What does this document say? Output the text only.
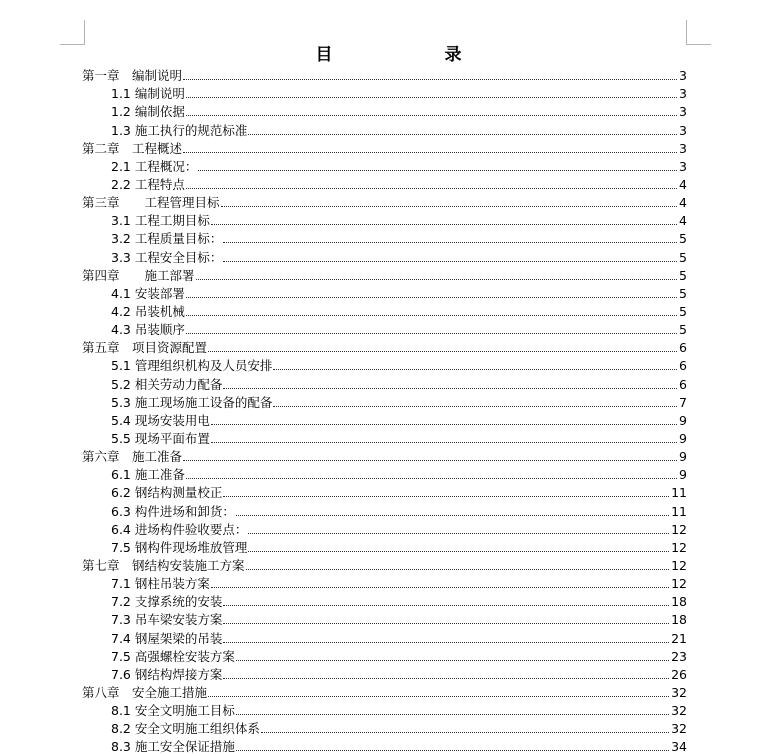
目　　录
第一章　编制说明	3
1.1 编制说明	3
1.2 编制依据	3
1.3 施工执行的规范标准	3
第二章　工程概述	3
2.1 工程概况：	3
2.2 工程特点	4
第三章　　工程管理目标	4
3.1 工程工期目标	4
3.2 工程质量目标：	5
3.3 工程安全目标：	5
第四章　　施工部署	5
4.1 安装部署	5
4.2 吊装机械	5
4.3 吊装顺序	5
第五章　项目资源配置	6
5.1 管理组织机构及人员安排	6
5.2 相关劳动力配备	6
5.3 施工现场施工设备的配备	7
5.4 现场安装用电	9
5.5 现场平面布置	9
第六章　施工准备	9
6.1 施工准备	9
6.2 钢结构测量校正	11
6.3 构件进场和卸货：	11
6.4 进场构件验收要点：	12
7.5 钢构件现场堆放管理	12
第七章　钢结构安装施工方案	12
7.1 钢柱吊装方案	12
7.2 支撑系统的安装	18
7.3 吊车梁安装方案	18
7.4 钢屋架梁的吊装	21
7.5 高强螺栓安装方案	23
7.6 钢结构焊接方案	26
第八章　安全施工措施	32
8.1 安全文明施工目标	32
8.2 安全文明施工组织体系	32
8.3 施工安全保证措施	34
